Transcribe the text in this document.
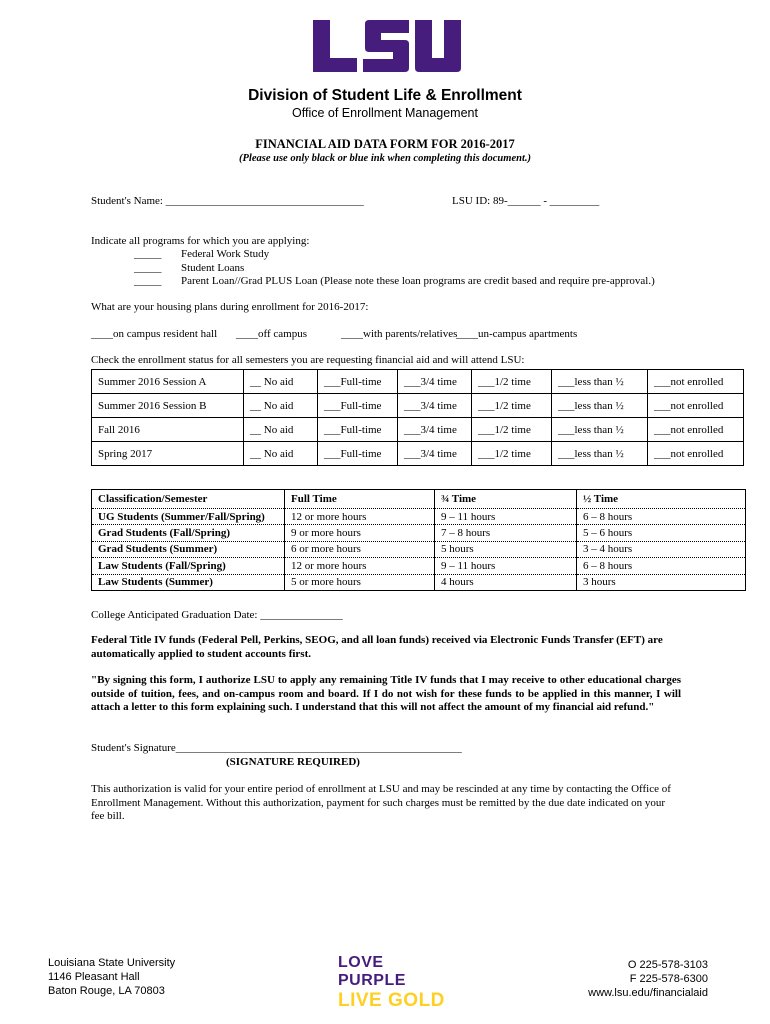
Division of Student Life & Enrollment
Office of Enrollment Management
FINANCIAL AID DATA FORM FOR 2016-2017
(Please use only black or blue ink when completing this document.)
Student's Name: ____________________________________	LSU ID: 89-______ - _________
Indicate all programs for which you are applying:
_____ Federal Work Study
_____ Student Loans
_____ Parent Loan//Grad PLUS Loan (Please note these loan programs are credit based and require pre-approval.)
What are your housing plans during enrollment for 2016-2017:
____on campus resident hall ____off campus	____with parents/relatives
____un-campus apartments
Check the enrollment status for all semesters you are requesting financial aid and will attend LSU:
Summer 2016 Session A	__ No aid	___Full-time	___3/4 time	___1/2 time	___less than ½	___not enrolled
Summer 2016 Session B	__ No aid	___Full-time	___3/4 time	___1/2 time	___less than ½	___not enrolled
Fall 2016	__ No aid	___Full-time	___3/4 time	___1/2 time	___less than ½	___not enrolled
Spring 2017	__ No aid	___Full-time	___3/4 time	___1/2 time	___less than ½	___not enrolled
Classification/Semester	Full Time	¾ Time	½ Time
UG Students (Summer/Fall/Spring)	12 or more hours	9 – 11 hours	6 – 8 hours
Grad Students (Fall/Spring)	9 or more hours	7 – 8 hours	5 – 6 hours
Grad Students (Summer)	6 or more hours	5 hours	3 – 4 hours
Law Students (Fall/Spring)	12 or more hours	9 – 11 hours	6 – 8 hours
Law Students (Summer)	5 or more hours	4 hours	3 hours
College Anticipated Graduation Date: _______________
Federal Title IV funds (Federal Pell, Perkins, SEOG, and all loan funds) received via Electronic Funds Transfer (EFT) are automatically applied to student accounts first.
"By signing this form, I authorize LSU to apply any remaining Title IV funds that I may receive to other educational charges outside of tuition, fees, and on-campus room and board. If I do not wish for these funds to be applied in this manner, I will attach a letter to this form explaining such. I understand that this will not affect the amount of my financial aid refund."
Student's Signature____________________________________________________
(SIGNATURE REQUIRED)
This authorization is valid for your entire period of enrollment at LSU and may be rescinded at any time by contacting the Office of Enrollment Management. Without this authorization, payment for such charges must be remitted by the due date indicated on your fee bill.
Louisiana State University
1146 Pleasant Hall
Baton Rouge, LA 70803
LOVE PURPLE
LIVE GOLD
O 225-578-3103
F 225-578-6300
www.lsu.edu/financialaid
